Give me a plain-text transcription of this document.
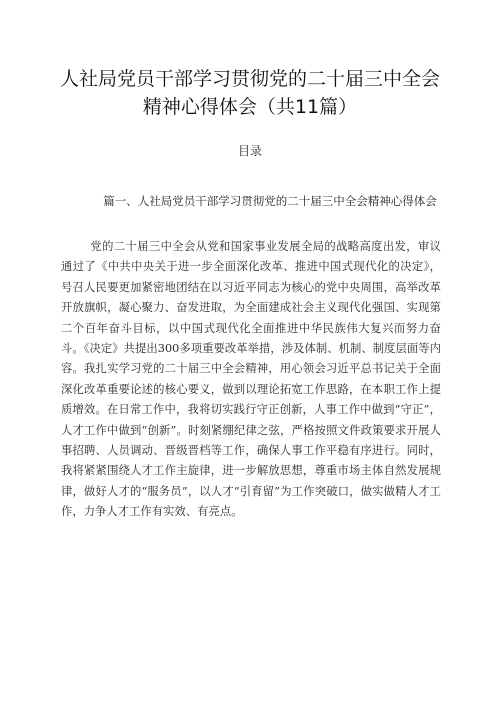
人社局党员干部学习贯彻党的二十届三中全会
精神心得体会（共11篇）
目录
篇一、人社局党员干部学习贯彻党的二十届三中全会精神心得体会

党的二十届三中全会从党和国家事业发展全局的战略高度出发，审议通过了《中共中央关于进一步全面深化改革、推进中国式现代化的决定》，号召人民要更加紧密地团结在以习近平同志为核心的党中央周围，高举改革开放旗帜，凝心聚力、奋发进取，为全面建成社会主义现代化强国、实现第二个百年奋斗目标，以中国式现代化全面推进中华民族伟大复兴而努力奋斗。《决定》共提出300多项重要改革举措，涉及体制、机制、制度层面等内容。我扎实学习党的二十届三中全会精神，用心领会习近平总书记关于全面深化改革重要论述的核心要义，做到以理论拓宽工作思路，在本职工作上提质增效。在日常工作中，我将切实践行守正创新，人事工作中做到“守正”，人才工作中做到“创新”。时刻紧绷纪律之弦，严格按照文件政策要求开展人事招聘、人员调动、晋级晋档等工作，确保人事工作平稳有序进行。同时，我将紧紧围绕人才工作主旋律，进一步解放思想，尊重市场主体自然发展规律，做好人才的“服务员”，以人才“引育留”为工作突破口，做实做精人才工作，力争人才工作有实效、有亮点。
